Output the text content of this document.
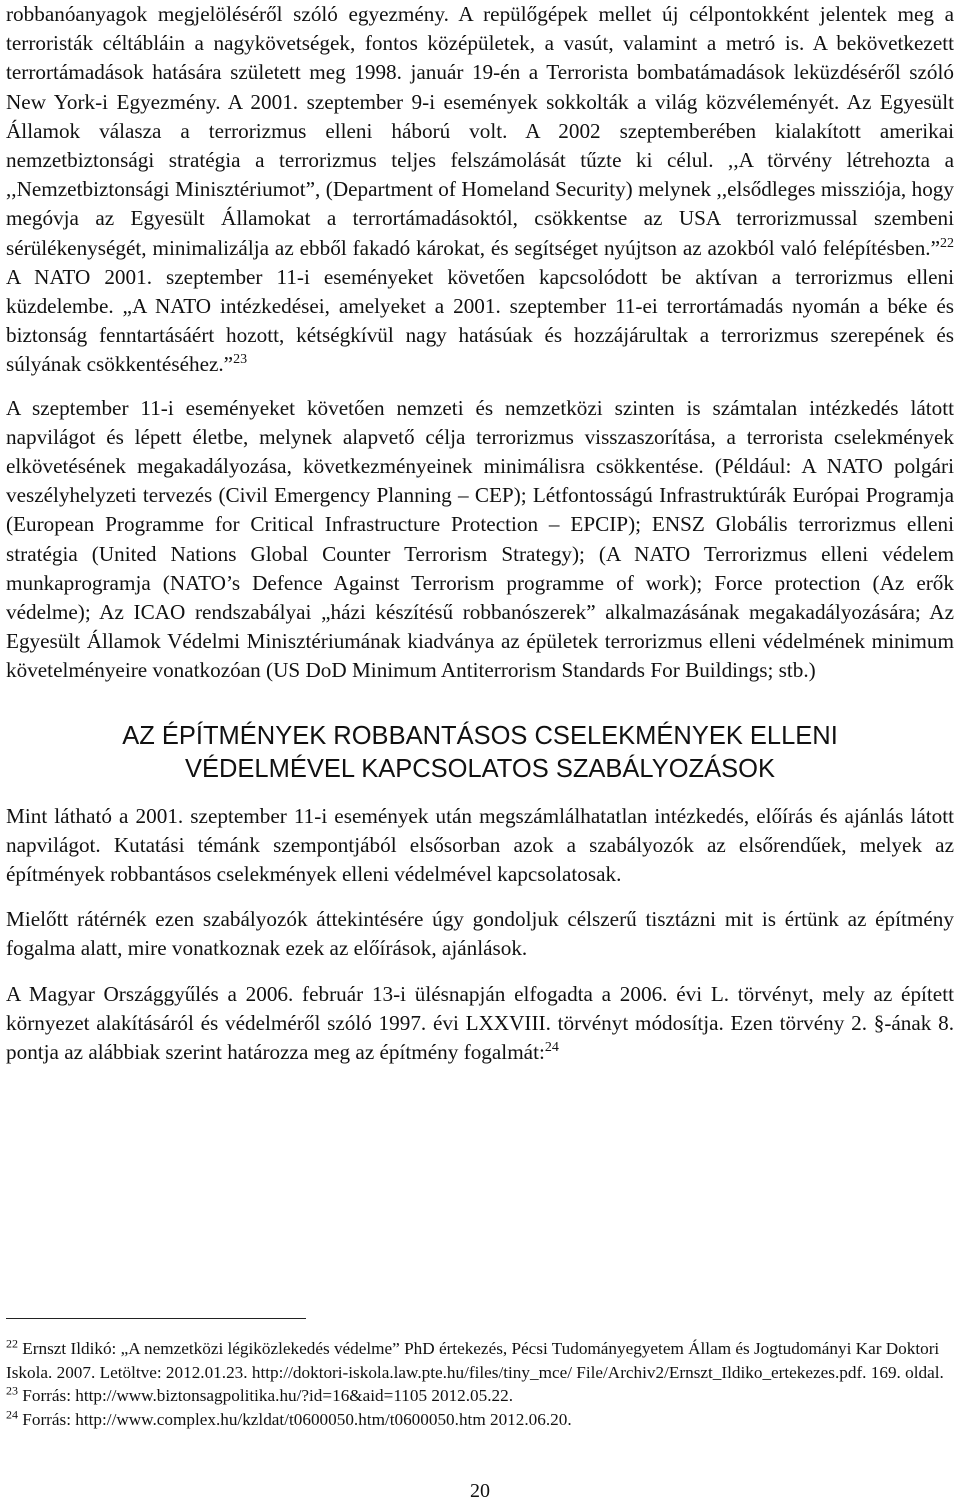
robbanóanyagok megjelöléséről szóló egyezmény. A repülőgépek mellet új célpontokként jelentek meg a terroristák céltábláin a nagykövetségek, fontos középületek, a vasút, valamint a metró is. A bekövetkezett terrortámadások hatására született meg 1998. január 19-én a Terrorista bombatámadások leküzdéséről szóló New York-i Egyezmény. A 2001. szeptember 9-i események sokkolták a világ közvéleményét. Az Egyesült Államok válasza a terrorizmus elleni háború volt. A 2002 szeptemberében kialakított amerikai nemzetbiztonsági stratégia a terrorizmus teljes felszámolását tűzte ki célul. ,,A törvény létrehozta a ,,Nemzetbiztonsági Minisztériumot”, (Department of Homeland Security) melynek ,,elsődleges missziója, hogy megóvja az Egyesült Államokat a terrortámadásoktól, csökkentse az USA terrorizmussal szembeni sérülékenységét, minimalizálja az ebből fakadó károkat, és segítséget nyújtson az azokból való felépítésben.”$^{22}$ A NATO 2001. szeptember 11-i eseményeket követően kapcsolódott be aktívan a terrorizmus elleni küzdelembe. „A NATO intézkedései, amelyeket a 2001. szeptember 11-ei terrortámadás nyomán a béke és biztonság fenntartásáért hozott, kétségkívül nagy hatásúak és hozzájárultak a terrorizmus szerepének és súlyának csökkentéséhez.”$^{23}$

A szeptember 11-i eseményeket követően nemzeti és nemzetközi szinten is számtalan intézkedés látott napvilágot és lépett életbe, melynek alapvető célja terrorizmus visszaszorítása, a terrorista cselekmények elkövetésének megakadályozása, következményeinek minimálisra csökkentése. (Például: A NATO polgári veszélyhelyzeti tervezés (Civil Emergency Planning – CEP); Létfontosságú Infrastruktúrák Európai Programja (European Programme for Critical Infrastructure Protection – EPCIP); ENSZ Globális terrorizmus elleni stratégia (United Nations Global Counter Terrorism Strategy); (A NATO Terrorizmus elleni védelem munkaprogramja (NATO’s Defence Against Terrorism programme of work); Force protection (Az erők védelme); Az ICAO rendszabályai „házi készítésű robbanószerek” alkalmazásának megakadályozására; Az Egyesült Államok Védelmi Minisztériumának kiadványa az épületek terrorizmus elleni védelmének minimum követelményeire vonatkozóan (US DoD Minimum Antiterrorism Standards For Buildings; stb.)

AZ ÉPÍTMÉNYEK ROBBANTÁSOS CSELEKMÉNYEK ELLENI
VÉDELMÉVEL KAPCSOLATOS SZABÁLYOZÁSOK

Mint látható a 2001. szeptember 11-i események után megszámlálhatatlan intézkedés, előírás és ajánlás látott napvilágot. Kutatási témánk szempontjából elsősorban azok a szabályozók az elsőrendűek, melyek az építmények robbantásos cselekmények elleni védelmével kapcsolatosak.

Mielőtt rátérnék ezen szabályozók áttekintésére úgy gondoljuk célszerű tisztázni mit is értünk az építmény fogalma alatt, mire vonatkoznak ezek az előírások, ajánlások.

A Magyar Országgyűlés a 2006. február 13-i ülésnapján elfogadta a 2006. évi L. törvényt, mely az épített környezet alakításáról és védelméről szóló 1997. évi LXXVIII. törvényt módosítja. Ezen törvény 2. §-ának 8. pontja az alábbiak szerint határozza meg az építmény fogalmát:$^{24}$

$^{22}$ Ernszt Ildikó: „A nemzetközi légiközlekedés védelme” PhD értekezés, Pécsi Tudományegyetem Állam és Jogtudományi Kar Doktori Iskola. 2007. Letöltve: 2012.01.23. http://doktori-iskola.law.pte.hu/files/tiny_mce/ File/Archiv2/Ernszt_Ildiko_ertekezes.pdf. 169. oldal.

$^{23}$ Forrás: http://www.biztonsagpolitika.hu/?id=16&aid=1105 2012.05.22.

$^{24}$ Forrás: http://www.complex.hu/kzldat/t0600050.htm/t0600050.htm 2012.06.20.

20
